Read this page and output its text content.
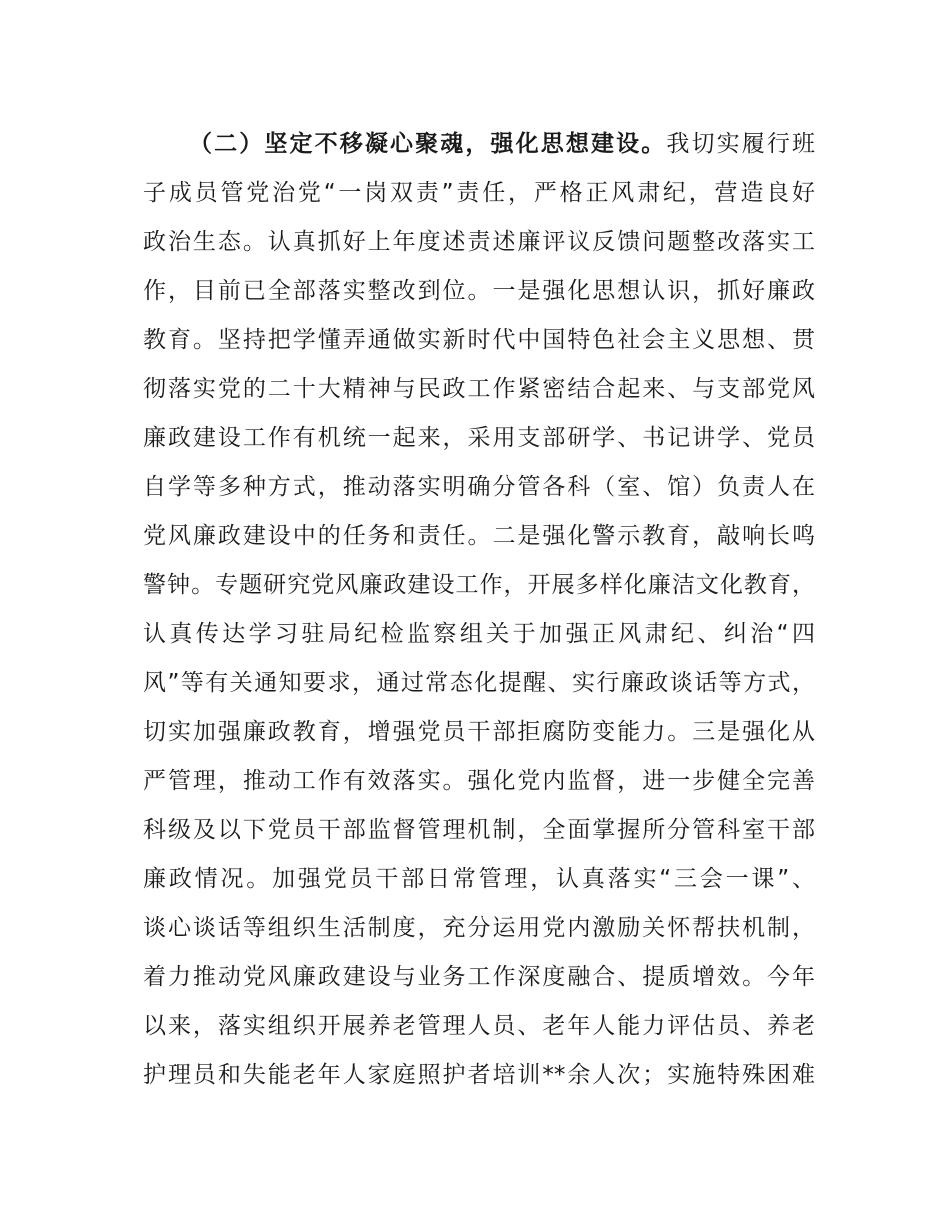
（二）坚定不移凝心聚魂，强化思想建设。我切实履行班
子成员管党治党“一岗双责”责任，严格正风肃纪，营造良好
政治生态。认真抓好上年度述责述廉评议反馈问题整改落实工
作，目前已全部落实整改到位。一是强化思想认识，抓好廉政
教育。坚持把学懂弄通做实新时代中国特色社会主义思想、贯
彻落实党的二十大精神与民政工作紧密结合起来、与支部党风
廉政建设工作有机统一起来，采用支部研学、书记讲学、党员
自学等多种方式，推动落实明确分管各科（室、馆）负责人在
党风廉政建设中的任务和责任。二是强化警示教育，敲响长鸣
警钟。专题研究党风廉政建设工作，开展多样化廉洁文化教育，
认真传达学习驻局纪检监察组关于加强正风肃纪、纠治“四
风”等有关通知要求，通过常态化提醒、实行廉政谈话等方式，
切实加强廉政教育，增强党员干部拒腐防变能力。三是强化从
严管理，推动工作有效落实。强化党内监督，进一步健全完善
科级及以下党员干部监督管理机制，全面掌握所分管科室干部
廉政情况。加强党员干部日常管理，认真落实“三会一课”、
谈心谈话等组织生活制度，充分运用党内激励关怀帮扶机制，
着力推动党风廉政建设与业务工作深度融合、提质增效。今年
以来，落实组织开展养老管理人员、老年人能力评估员、养老
护理员和失能老年人家庭照护者培训**余人次；实施特殊困难
